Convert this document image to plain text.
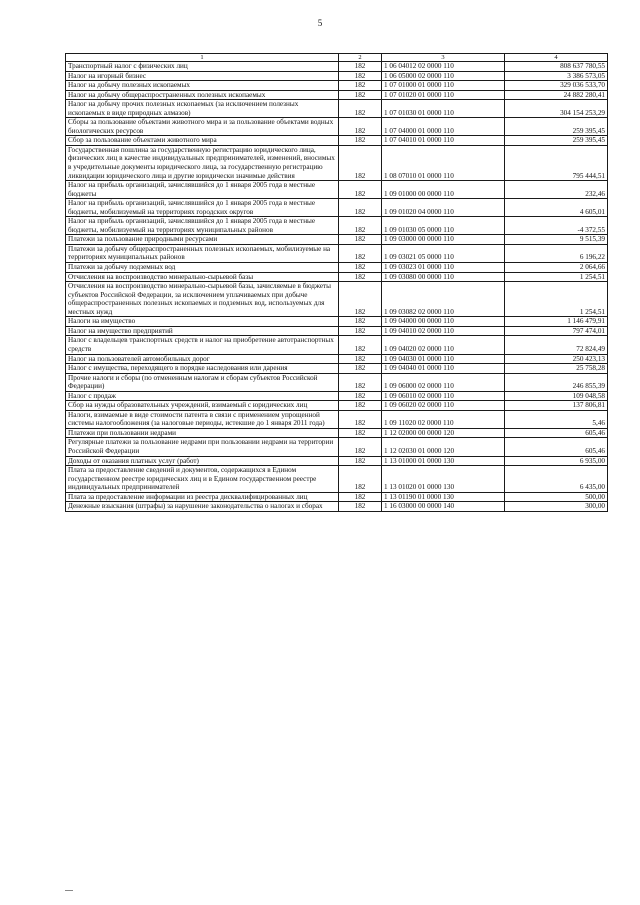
5
1	2	3	4
Транспортный налог с физических лиц	182	1 06 04012 02 0000 110	808 637 780,55
Налог на игорный бизнес	182	1 06 05000 02 0000 110	3 386 573,05
Налог на добычу полезных ископаемых	182	1 07 01000 01 0000 110	329 036 533,70
Налог на добычу общераспространенных полезных ископаемых	182	1 07 01020 01 0000 110	24 882 280,41
Налог на добычу прочих полезных ископаемых (за исключением полезных ископаемых в виде природных алмазов)	182	1 07 01030 01 0000 110	304 154 253,29
Сборы за пользование объектами животного мира и за пользование объектами водных биологических ресурсов	182	1 07 04000 01 0000 110	259 395,45
Сбор за пользование объектами животного мира	182	1 07 04010 01 0000 110	259 395,45
Государственная пошлина за государственную регистрацию юридического лица, физических лиц в качестве индивидуальных предпринимателей, изменений, вносимых в учредительные документы юридического лица, за государственную регистрацию ликвидации юридического лица и другие юридически значимые действия	182	1 08 07010 01 0000 110	795 444,51
Налог на прибыль организаций, зачислявшийся до 1 января 2005 года в местные бюджеты	182	1 09 01000 00 0000 110	232,46
Налог на прибыль организаций, зачислявшийся до 1 января 2005 года в местные бюджеты, мобилизуемый на территориях городских округов	182	1 09 01020 04 0000 110	4 605,01
Налог на прибыль организаций, зачислявшийся до 1 января 2005 года в местные бюджеты, мобилизуемый на территориях муниципальных районов	182	1 09 01030 05 0000 110	-4 372,55
Платежи за пользование природными ресурсами	182	1 09 03000 00 0000 110	9 515,39
Платежи за добычу общераспространенных полезных ископаемых, мобилизуемые на территориях муниципальных районов	182	1 09 03021 05 0000 110	6 196,22
Платежи за добычу подземных вод	182	1 09 03023 01 0000 110	2 064,66
Отчисления на воспроизводство минерально-сырьевой базы	182	1 09 03080 00 0000 110	1 254,51
Отчисления на воспроизводство минерально-сырьевой базы, зачисляемые в бюджеты субъектов Российской Федерации, за исключением уплачиваемых при добыче общераспространенных полезных ископаемых и подземных вод, используемых для местных нужд	182	1 09 03082 02 0000 110	1 254,51
Налоги на имущество	182	1 09 04000 00 0000 110	1 146 479,91
Налог на имущество предприятий	182	1 09 04010 02 0000 110	797 474,01
Налог с владельцев транспортных средств и налог на приобретение автотранспортных средств	182	1 09 04020 02 0000 110	72 824,49
Налог на пользователей автомобильных дорог	182	1 09 04030 01 0000 110	250 423,13
Налог с имущества, переходящего в порядке наследования или дарения	182	1 09 04040 01 0000 110	25 758,28
Прочие налоги и сборы (по отмененным налогам и сборам субъектов Российской Федерации)	182	1 09 06000 02 0000 110	246 855,39
Налог с продаж	182	1 09 06010 02 0000 110	109 048,58
Сбор на нужды образовательных учреждений, взимаемый с юридических лиц	182	1 09 06020 02 0000 110	137 806,81
Налоги, взимаемые в виде стоимости патента в связи с применением упрощенной системы налогообложения (за налоговые периоды, истекшие до 1 января 2011 года)	182	1 09 11020 02 0000 110	5,46
Платежи при пользовании недрами	182	1 12 02000 00 0000 120	605,46
Регулярные платежи за пользование недрами при пользовании недрами на территории Российской Федерации	182	1 12 02030 01 0000 120	605,46
Доходы от оказания платных услуг (работ)	182	1 13 01000 01 0000 130	6 935,00
Плата за предоставление сведений и документов, содержащихся в Едином государственном реестре юридических лиц и в Едином государственном реестре индивидуальных предпринимателей	182	1 13 01020 01 0000 130	6 435,00
Плата за предоставление информации из реестра дисквалифицированных лиц	182	1 13 01190 01 0000 130	500,00
Денежные взыскания (штрафы) за нарушение законодательства о налогах и сборах	182	1 16 03000 00 0000 140	300,00
